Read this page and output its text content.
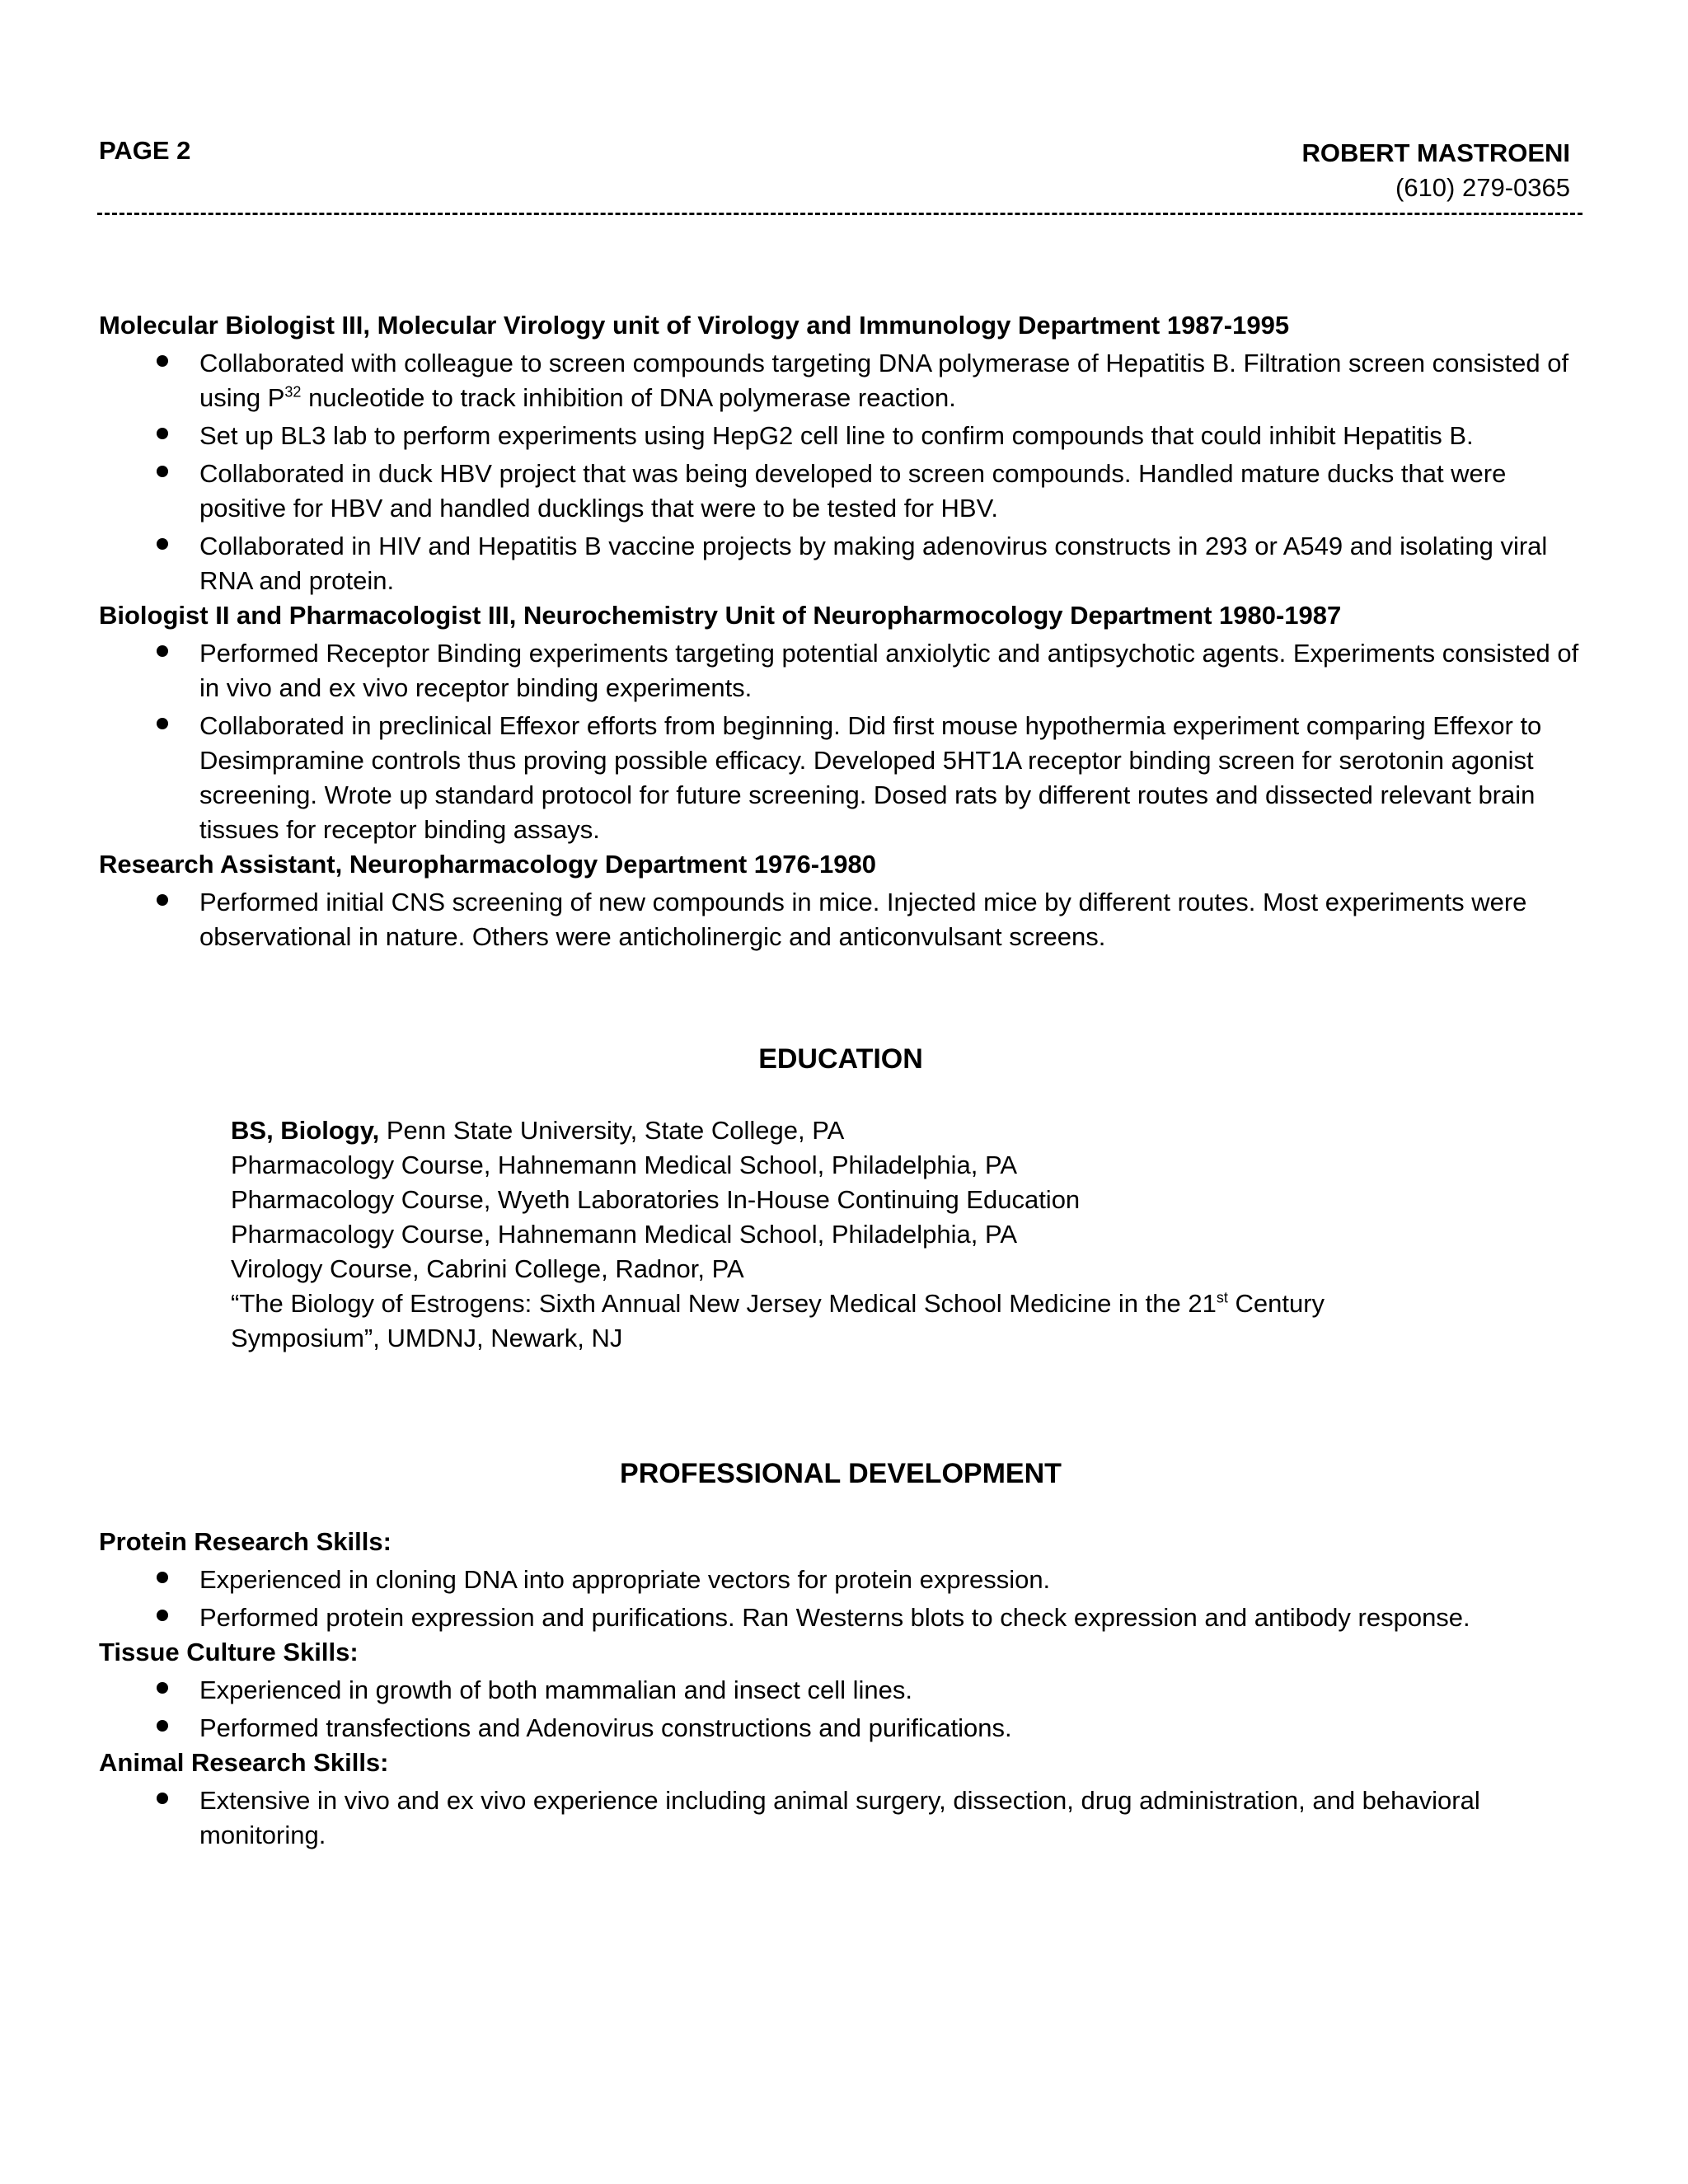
PAGE 2	ROBERT MASTROENI
(610) 279-0365
Molecular Biologist III, Molecular Virology unit of Virology and Immunology Department 1987-1995
Collaborated with colleague to screen compounds targeting DNA polymerase of Hepatitis B. Filtration screen consisted of using $P^{32}$ nucleotide to track inhibition of DNA polymerase reaction.
Set up BL3 lab to perform experiments using HepG2 cell line to confirm compounds that could inhibit Hepatitis B.
Collaborated in duck HBV project that was being developed to screen compounds. Handled mature ducks that were positive for HBV and handled ducklings that were to be tested for HBV.
Collaborated in HIV and Hepatitis B vaccine projects by making adenovirus constructs in 293 or A549 and isolating viral RNA and protein.
Biologist II and Pharmacologist III, Neurochemistry Unit of Neuropharmocology Department 1980-1987
Performed Receptor Binding experiments targeting potential anxiolytic and antipsychotic agents. Experiments consisted of in vivo and ex vivo receptor binding experiments.
Collaborated in preclinical Effexor efforts from beginning. Did first mouse hypothermia experiment comparing Effexor to Desimpramine controls thus proving possible efficacy. Developed 5HT1A receptor binding screen for serotonin agonist screening. Wrote up standard protocol for future screening. Dosed rats by different routes and dissected relevant brain tissues for receptor binding assays.
Research Assistant, Neuropharmacology Department 1976-1980
Performed initial CNS screening of new compounds in mice. Injected mice by different routes. Most experiments were observational in nature. Others were anticholinergic and anticonvulsant screens.
EDUCATION
BS, Biology, Penn State University, State College, PA
Pharmacology Course, Hahnemann Medical School, Philadelphia, PA
Pharmacology Course, Wyeth Laboratories In-House Continuing Education
Pharmacology Course, Hahnemann Medical School, Philadelphia, PA
Virology Course, Cabrini College, Radnor, PA
“The Biology of Estrogens: Sixth Annual New Jersey Medical School Medicine in the 21st Century
Symposium”, UMDNJ, Newark, NJ
PROFESSIONAL DEVELOPMENT
Protein Research Skills:
Experienced in cloning DNA into appropriate vectors for protein expression.
Performed protein expression and purifications. Ran Westerns blots to check expression and antibody response.
Tissue Culture Skills:
Experienced in growth of both mammalian and insect cell lines.
Performed transfections and Adenovirus constructions and purifications.
Animal Research Skills:
Extensive in vivo and ex vivo experience including animal surgery, dissection, drug administration, and behavioral monitoring.
